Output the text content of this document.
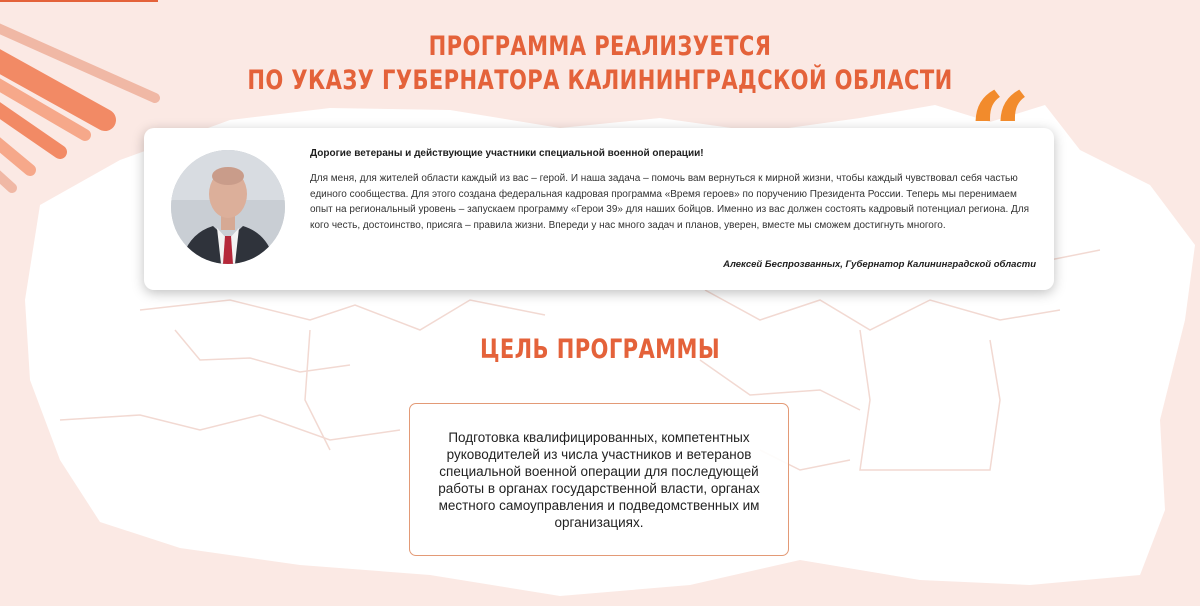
ПРОГРАММА РЕАЛИЗУЕТСЯ
ПО УКАЗУ ГУБЕРНАТОРА КАЛИНИНГРАДСКОЙ ОБЛАСТИ “
Дорогие ветераны и действующие участники специальной военной операции!
Для меня, для жителей области каждый из вас – герой. И наша задача – помочь вам вернуться к мирной жизни, чтобы каждый чувствовал себя частью единого сообщества. Для этого создана федеральная кадровая программа «Время героев» по поручению Президента России. Теперь мы перенимаем опыт на региональный уровень – запускаем программу «Герои 39» для наших бойцов. Именно из вас должен состоять кадровый потенциал региона. Для кого честь, достоинство, присяга – правила жизни. Впереди у нас много задач и планов, уверен, вместе мы сможем достигнуть многого.
Алексей Беспрозванных, Губернатор Калининградской области
ЦЕЛЬ ПРОГРАММЫ
Подготовка квалифицированных, компетентных руководителей из числа участников и ветеранов специальной военной операции для последующей работы в органах государственной власти, органах местного самоуправления и подведомственных им организациях.
